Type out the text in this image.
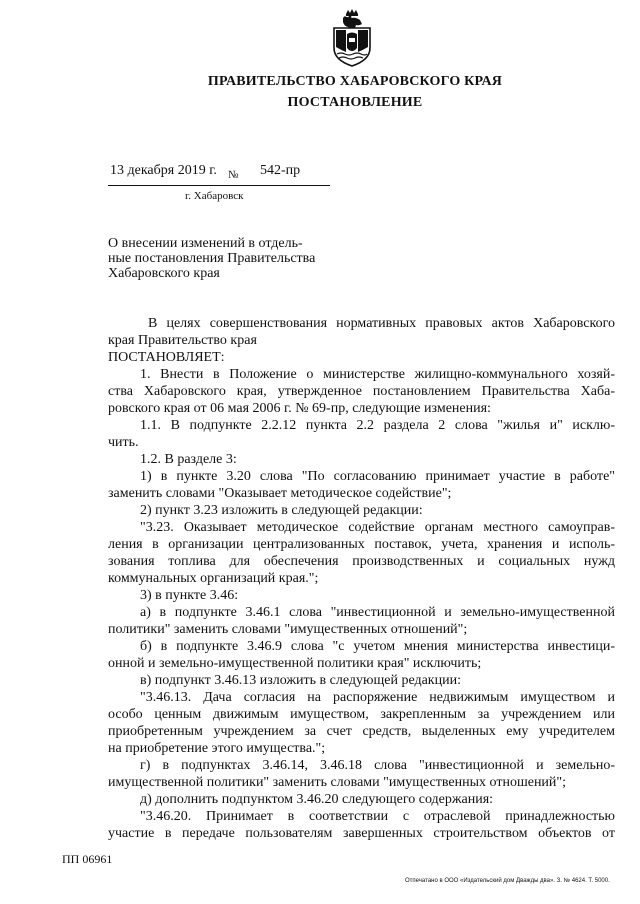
ПРАВИТЕЛЬСТВО ХАБАРОВСКОГО КРАЯ
ПОСТАНОВЛЕНИЕ
13 декабря 2019 г. № 542-пр
г. Хабаровск
О внесении изменений в отдель-
ные постановления Правительства
Хабаровского края
В целях совершенствования нормативных правовых актов Хабаровского
края Правительство края
ПОСТАНОВЛЯЕТ:
1. Внести в Положение о министерстве жилищно-коммунального хозяй-
ства Хабаровского края, утвержденное постановлением Правительства Хаба-
ровского края от 06 мая 2006 г. № 69-пр, следующие изменения:
1.1. В подпункте 2.2.12 пункта 2.2 раздела 2 слова "жилья и" исклю-
чить.
1.2. В разделе 3:
1) в пункте 3.20 слова "По согласованию принимает участие в работе"
заменить словами "Оказывает методическое содействие";
2) пункт 3.23 изложить в следующей редакции:
"3.23. Оказывает методическое содействие органам местного самоуправ-
ления в организации централизованных поставок, учета, хранения и исполь-
зования топлива для обеспечения производственных и социальных нужд
коммунальных организаций края.";
3) в пункте 3.46:
а) в подпункте 3.46.1 слова "инвестиционной и земельно-имущественной
политики" заменить словами "имущественных отношений";
б) в подпункте 3.46.9 слова "с учетом мнения министерства инвестици-
онной и земельно-имущественной политики края" исключить;
в) подпункт 3.46.13 изложить в следующей редакции:
"3.46.13. Дача согласия на распоряжение недвижимым имуществом и
особо ценным движимым имуществом, закрепленным за учреждением или
приобретенным учреждением за счет средств, выделенных ему учредителем
на приобретение этого имущества.";
г) в подпунктах 3.46.14, 3.46.18 слова "инвестиционной и земельно-
имущественной политики" заменить словами "имущественных отношений";
д) дополнить подпунктом 3.46.20 следующего содержания:
"3.46.20. Принимает в соответствии с отраслевой принадлежностью
участие в передаче пользователям завершенных строительством объектов от
ПП 06961
Отпечатано в ООО «Издательский дом Дважды два». З. № 4624. Т. 5000.
